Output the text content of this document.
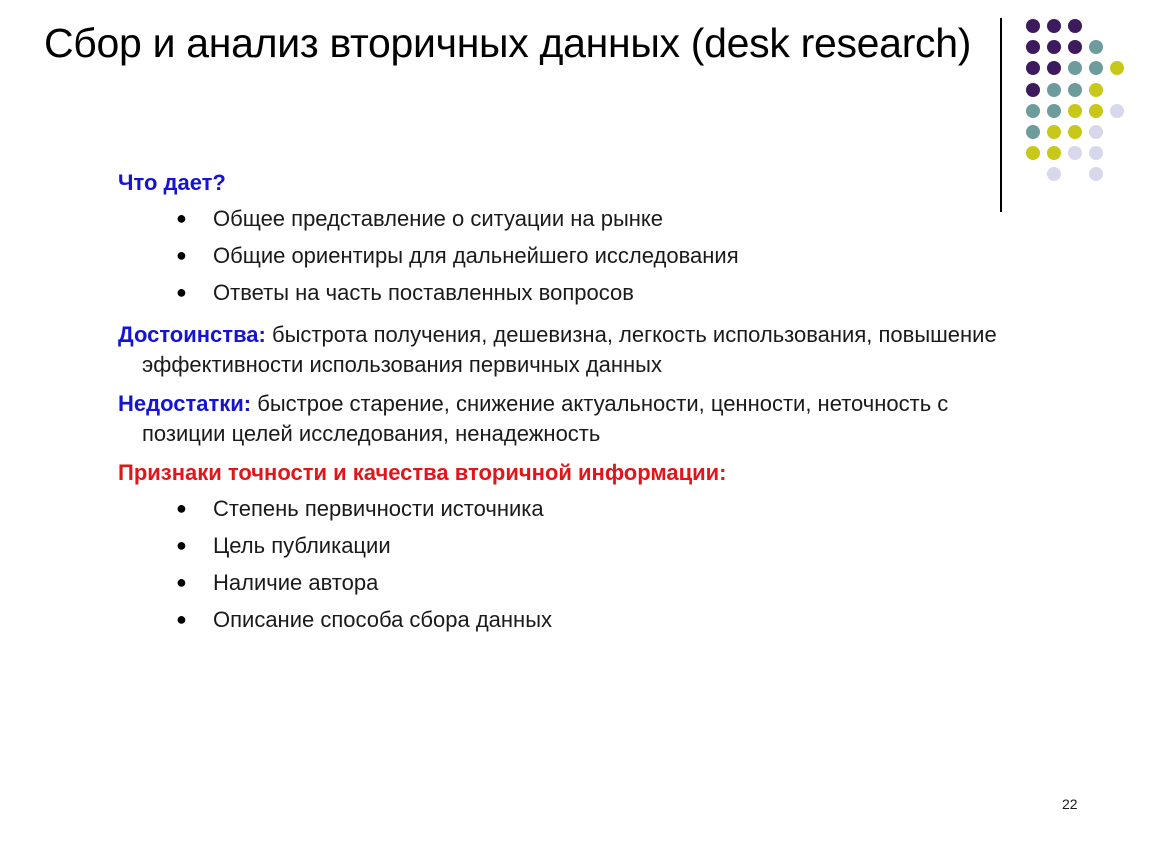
Сбор и анализ вторичных данных (desk research)
Что дает?
● Общее представление о ситуации на рынке
● Общие ориентиры для дальнейшего исследования
● Ответы на часть поставленных вопросов
Достоинства: быстрота получения, дешевизна, легкость использования, повышение эффективности использования первичных данных
Недостатки: быстрое старение, снижение актуальности, ценности, неточность с позиции целей исследования, ненадежность
Признаки точности и качества вторичной информации:
● Степень первичности источника
● Цель публикации
● Наличие автора
● Описание способа сбора данных
22
